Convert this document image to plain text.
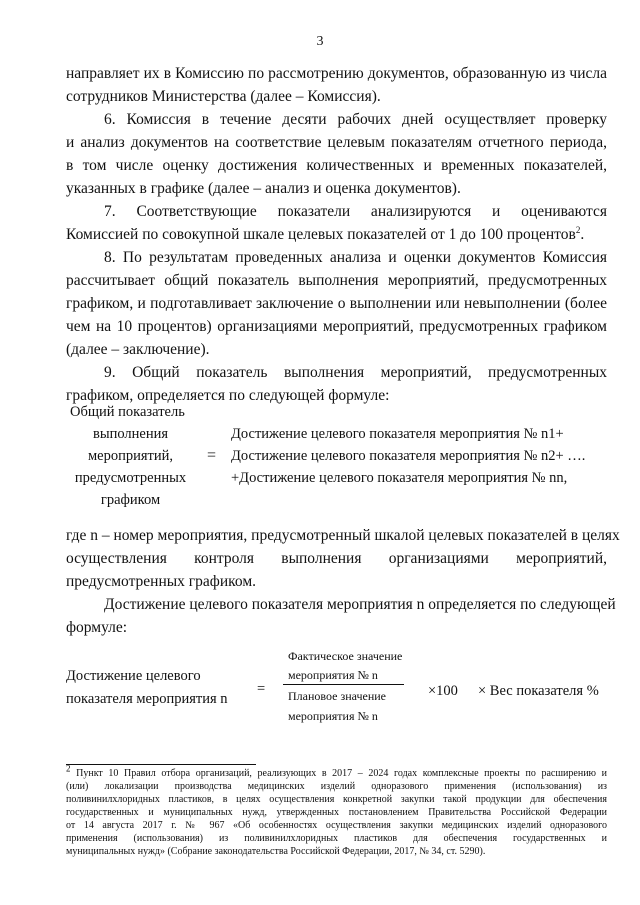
3
направляет их в Комиссию по рассмотрению документов, образованную из числа
сотрудников Министерства (далее – Комиссия).
6. Комиссия в течение десяти рабочих дней осуществляет проверку
и анализ документов на соответствие целевым показателям отчетного периода,
в том числе оценку достижения количественных и временных показателей,
указанных в графике (далее – анализ и оценка документов).
7. Соответствующие показатели анализируются и оцениваются
Комиссией по совокупной шкале целевых показателей от 1 до 100 процентов$^2$.
8. По результатам проведенных анализа и оценки документов Комиссия
рассчитывает общий показатель выполнения мероприятий, предусмотренных
графиком, и подготавливает заключение о выполнении или невыполнении (более
чем на 10 процентов) организациями мероприятий, предусмотренных графиком
(далее – заключение).
9. Общий показатель выполнения мероприятий, предусмотренных
графиком, определяется по следующей формуле:
Общий показатель
выполнения
мероприятий,
предусмотренных
графиком
=
Достижение целевого показателя мероприятия № n1+
Достижение целевого показателя мероприятия № n2+ ….
+Достижение целевого показателя мероприятия № nn,
где n – номер мероприятия, предусмотренный шкалой целевых показателей в целях
осуществления контроля выполнения организациями мероприятий,
предусмотренных графиком.
Достижение целевого показателя мероприятия n определяется по следующей
формуле:
Достижение целевого
показателя мероприятия n
=
Фактическое значение
мероприятия № n
Плановое значение
мероприятия № n
×100 × Вес показателя %
$^2$ Пункт 10 Правил отбора организаций, реализующих в 2017 – 2024 годах комплексные проекты по расширению и
(или) локализации производства медицинских изделий одноразового применения (использования) из
поливинилхлоридных пластиков, в целях осуществления конкретной закупки такой продукции для обеспечения
государственных и муниципальных нужд, утвержденных постановлением Правительства Российской Федерации
от 14 августа 2017 г. № 967 «Об особенностях осуществления закупки медицинских изделий одноразового
применения (использования) из поливинилхлоридных пластиков для обеспечения государственных и
муниципальных нужд» (Собрание законодательства Российской Федерации, 2017, № 34, ст. 5290).
